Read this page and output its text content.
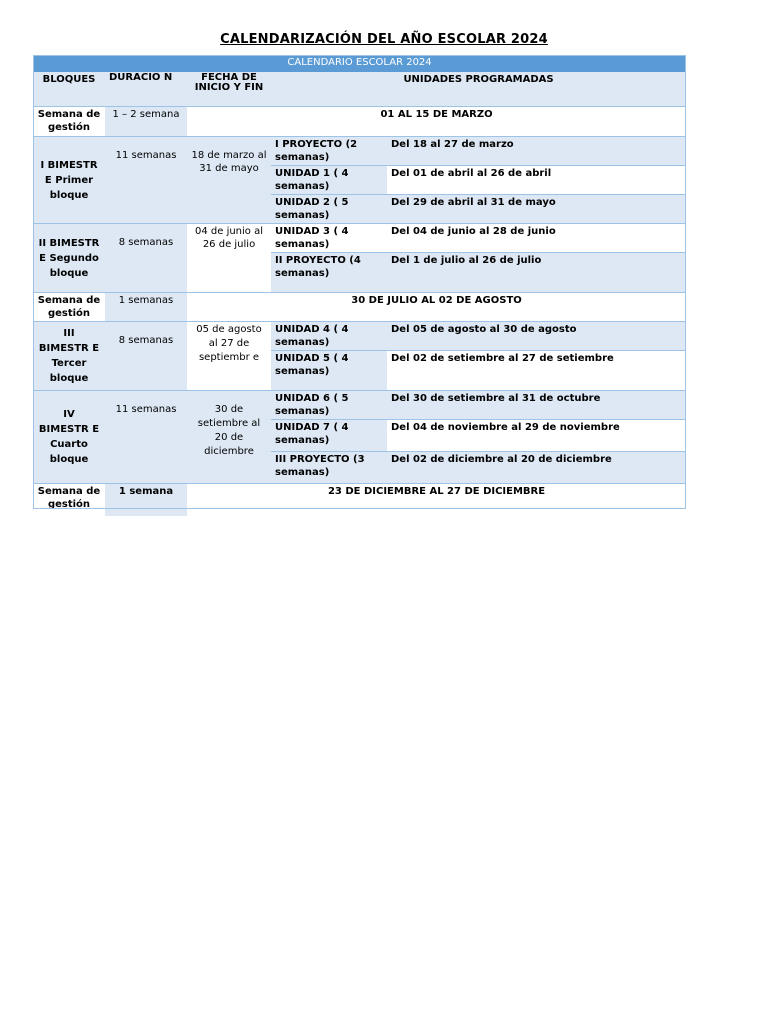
CALENDARIZACIÓN DEL AÑO ESCOLAR 2024
CALENDARIO ESCOLAR 2024				
BLOQUES	DURACIO N	FECHA DE INICIO Y FIN	UNIDADES PROGRAMADAS	
Semana de gestión	1 – 2 semana	01 AL 15 DE MARZO		
I BIMESTR E Primer bloque	11 semanas	18 de marzo al 31 de mayo	I PROYECTO (2 semanas)	Del 18 al 27 de marzo
			UNIDAD 1 ( 4 semanas)	Del 01 de abril al 26 de abril
			UNIDAD 2 ( 5 semanas)	Del 29 de abril al 31 de mayo
II BIMESTR E Segundo bloque	8 semanas	04 de junio al 26 de julio	UNIDAD 3 ( 4 semanas)	Del 04 de junio al 28 de junio
			II PROYECTO (4 semanas)	Del 1 de julio al 26 de julio
Semana de gestión	1 semanas	30 DE JULIO AL 02 DE AGOSTO		
III BIMESTR E Tercer bloque	8 semanas	05 de agosto al 27 de septiembr e	UNIDAD 4 ( 4 semanas)	Del 05 de agosto al 30 de agosto
			UNIDAD 5 ( 4 semanas)	Del 02 de setiembre al 27 de setiembre
IV BIMESTR E Cuarto bloque	11 semanas	30 de setiembre al 20 de diciembre	UNIDAD 6 ( 5 semanas)	Del 30 de setiembre al 31 de octubre
			UNIDAD 7 ( 4 semanas)	Del 04 de noviembre al 29 de noviembre
			III PROYECTO (3 semanas)	Del 02 de diciembre al 20 de diciembre
Semana de gestión	1 semana	23 DE DICIEMBRE AL 27 DE DICIEMBRE		
